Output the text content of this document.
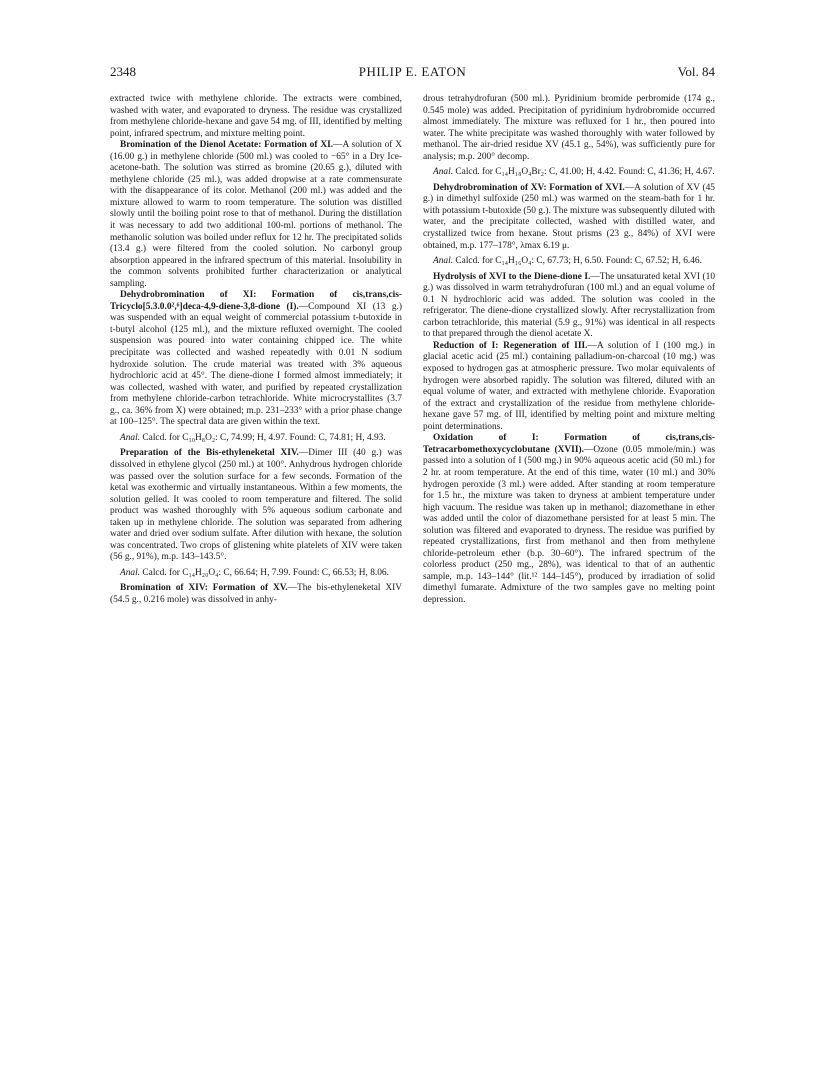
2348	PHILIP E. EATON	Vol. 84

extracted twice with methylene chloride. The extracts were combined, washed with water, and evaporated to dryness. The residue was crystallized from methylene chloride-hexane and gave 54 mg. of III, identified by melting point, infrared spectrum, and mixture melting point.

Bromination of the Dienol Acetate: Formation of XI.—A solution of X (16.00 g.) in methylene chloride (500 ml.) was cooled to −65° in a Dry Ice-acetone-bath. The solution was stirred as bromine (20.65 g.), diluted with methylene chloride (25 ml.), was added dropwise at a rate commensurate with the disappearance of its color. Methanol (200 ml.) was added and the mixture allowed to warm to room temperature. The solution was distilled slowly until the boiling point rose to that of methanol. During the distillation it was necessary to add two additional 100-ml. portions of methanol. The methanolic solution was boiled under reflux for 12 hr. The precipitated solids (13.4 g.) were filtered from the cooled solution. No carbonyl group absorption appeared in the infrared spectrum of this material. Insolubility in the common solvents prohibited further characterization or analytical sampling.

Dehydrobromination of XI: Formation of cis,trans,cis-Tricyclo[5.3.0.0²,⁶]deca-4,9-diene-3,8-dione (I).—Compound XI (13 g.) was suspended with an equal weight of commercial potassium t-butoxide in t-butyl alcohol (125 ml.), and the mixture refluxed overnight. The cooled suspension was poured into water containing chipped ice. The white precipitate was collected and washed repeatedly with 0.01 N sodium hydroxide solution. The crude material was treated with 3% aqueous hydrochloric acid at 45°. The diene-dione I formed almost immediately; it was collected, washed with water, and purified by repeated crystallization from methylene chloride-carbon tetrachloride. White microcrystallites (3.7 g., ca. 36% from X) were obtained; m.p. 231–233° with a prior phase change at 100–125°. The spectral data are given within the text.

Anal. Calcd. for C₁₀H₈O₂: C, 74.99; H, 4.97. Found: C, 74.81; H, 4.93.

Preparation of the Bis-ethyleneketal XIV.—Dimer III (40 g.) was dissolved in ethylene glycol (250 ml.) at 100°. Anhydrous hydrogen chloride was passed over the solution surface for a few seconds. Formation of the ketal was exothermic and virtually instantaneous. Within a few moments, the solution gelled. It was cooled to room temperature and filtered. The solid product was washed thoroughly with 5% aqueous sodium carbonate and taken up in methylene chloride. The solution was separated from adhering water and dried over sodium sulfate. After dilution with hexane, the solution was concentrated. Two crops of glistening white platelets of XIV were taken (56 g., 91%), m.p. 143–143.5°.

Anal. Calcd. for C₁₄H₂₀O₄: C, 66.64; H, 7.99. Found: C, 66.53; H, 8.06.

Bromination of XIV: Formation of XV.—The bis-ethyleneketal XIV (54.5 g., 0.216 mole) was dissolved in anhy-

drous tetrahydrofuran (500 ml.). Pyridinium bromide perbromide (174 g., 0.545 mole) was added. Precipitation of pyridinium hydrobromide occurred almost immediately. The mixture was refluxed for 1 hr., then poured into water. The white precipitate was washed thoroughly with water followed by methanol. The air-dried residue XV (45.1 g., 54%), was sufficiently pure for analysis; m.p. 200° decomp.

Anal. Calcd. for C₁₄H₁₈O₄Br₂: C, 41.00; H, 4.42. Found: C, 41.36; H, 4.67.

Dehydrobromination of XV: Formation of XVI.—A solution of XV (45 g.) in dimethyl sulfoxide (250 ml.) was warmed on the steam-bath for 1 hr. with potassium t-butoxide (50 g.). The mixture was subsequently diluted with water, and the precipitate collected, washed with distilled water, and crystallized twice from hexane. Stout prisms (23 g., 84%) of XVI were obtained, m.p. 177–178°, λmax 6.19 μ.

Anal. Calcd. for C₁₄H₁₆O₄: C, 67.73; H, 6.50. Found: C, 67.52; H, 6.46.

Hydrolysis of XVI to the Diene-dione I.—The unsaturated ketal XVI (10 g.) was dissolved in warm tetrahydrofuran (100 ml.) and an equal volume of 0.1 N hydrochloric acid was added. The solution was cooled in the refrigerator. The diene-dione crystallized slowly. After recrystallization from carbon tetrachloride, this material (5.9 g., 91%) was identical in all respects to that prepared through the dienol acetate X.

Reduction of I: Regeneration of III.—A solution of I (100 mg.) in glacial acetic acid (25 ml.) containing palladium-on-charcoal (10 mg.) was exposed to hydrogen gas at atmospheric pressure. Two molar equivalents of hydrogen were absorbed rapidly. The solution was filtered, diluted with an equal volume of water, and extracted with methylene chloride. Evaporation of the extract and crystallization of the residue from methylene chloride-hexane gave 57 mg. of III, identified by melting point and mixture melting point determinations.

Oxidation of I: Formation of cis,trans,cis-Tetracarbomethoxycyclobutane (XVII).—Ozone (0.05 mmole/min.) was passed into a solution of I (500 mg.) in 90% aqueous acetic acid (50 ml.) for 2 hr. at room temperature. At the end of this time, water (10 ml.) and 30% hydrogen peroxide (3 ml.) were added. After standing at room temperature for 1.5 hr., the mixture was taken to dryness at ambient temperature under high vacuum. The residue was taken up in methanol; diazomethane in ether was added until the color of diazomethane persisted for at least 5 min. The solution was filtered and evaporated to dryness. The residue was purified by repeated crystallizations, first from methanol and then from methylene chloride-petroleum ether (b.p. 30–60°). The infrared spectrum of the colorless product (250 mg., 28%), was identical to that of an authentic sample, m.p. 143–144° (lit.¹² 144–145°), produced by irradiation of solid dimethyl fumarate. Admixture of the two samples gave no melting point depression.
